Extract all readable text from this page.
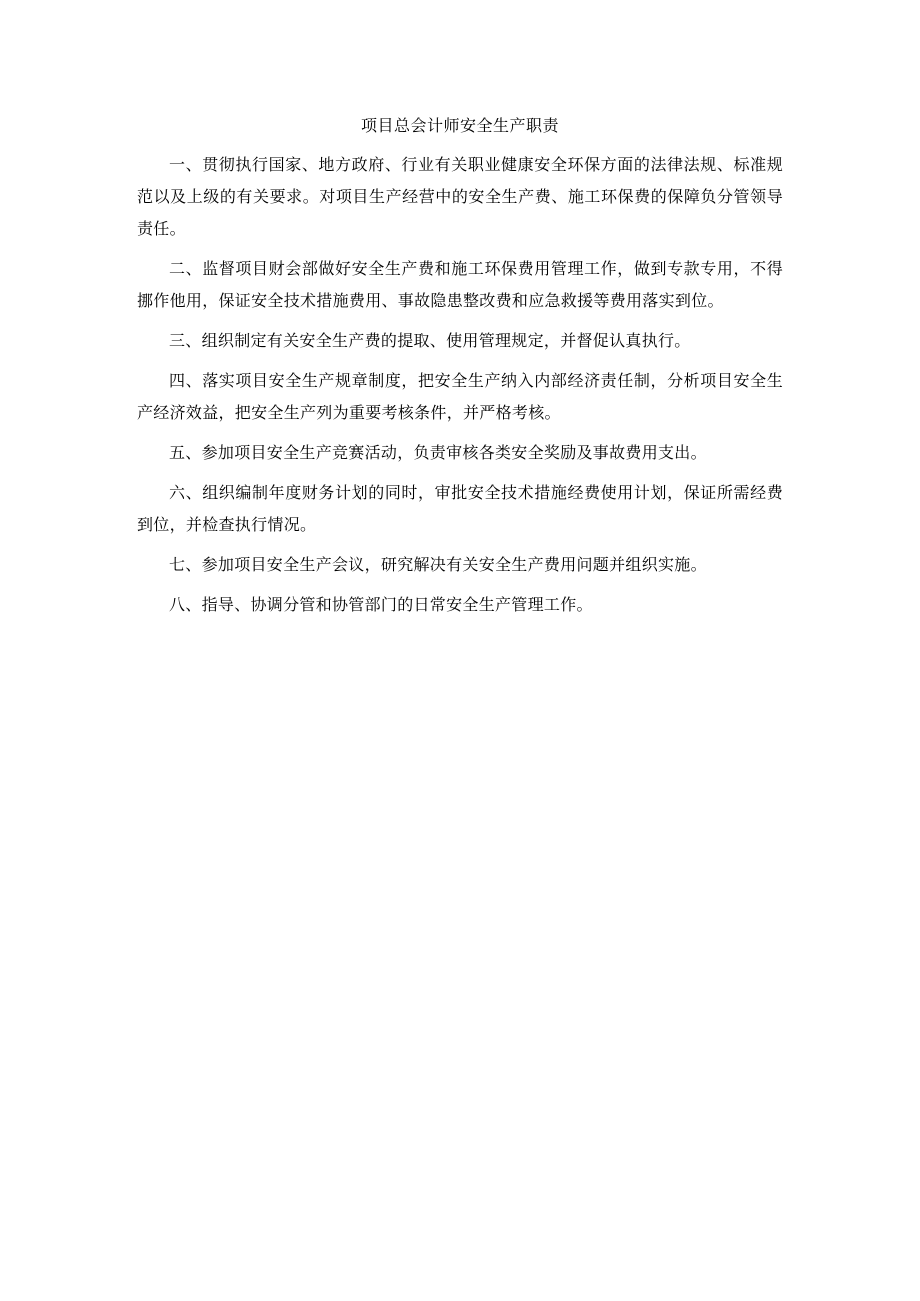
项目总会计师安全生产职责

一、贯彻执行国家、地方政府、行业有关职业健康安全环保方面的法律法规、标准规范以及上级的有关要求。对项目生产经营中的安全生产费、施工环保费的保障负分管领导责任。

二、监督项目财会部做好安全生产费和施工环保费用管理工作，做到专款专用，不得挪作他用，保证安全技术措施费用、事故隐患整改费和应急救援等费用落实到位。

三、组织制定有关安全生产费的提取、使用管理规定，并督促认真执行。

四、落实项目安全生产规章制度，把安全生产纳入内部经济责任制，分析项目安全生产经济效益，把安全生产列为重要考核条件，并严格考核。

五、参加项目安全生产竞赛活动，负责审核各类安全奖励及事故费用支出。

六、组织编制年度财务计划的同时，审批安全技术措施经费使用计划，保证所需经费到位，并检查执行情况。

七、参加项目安全生产会议，研究解决有关安全生产费用问题并组织实施。

八、指导、协调分管和协管部门的日常安全生产管理工作。
